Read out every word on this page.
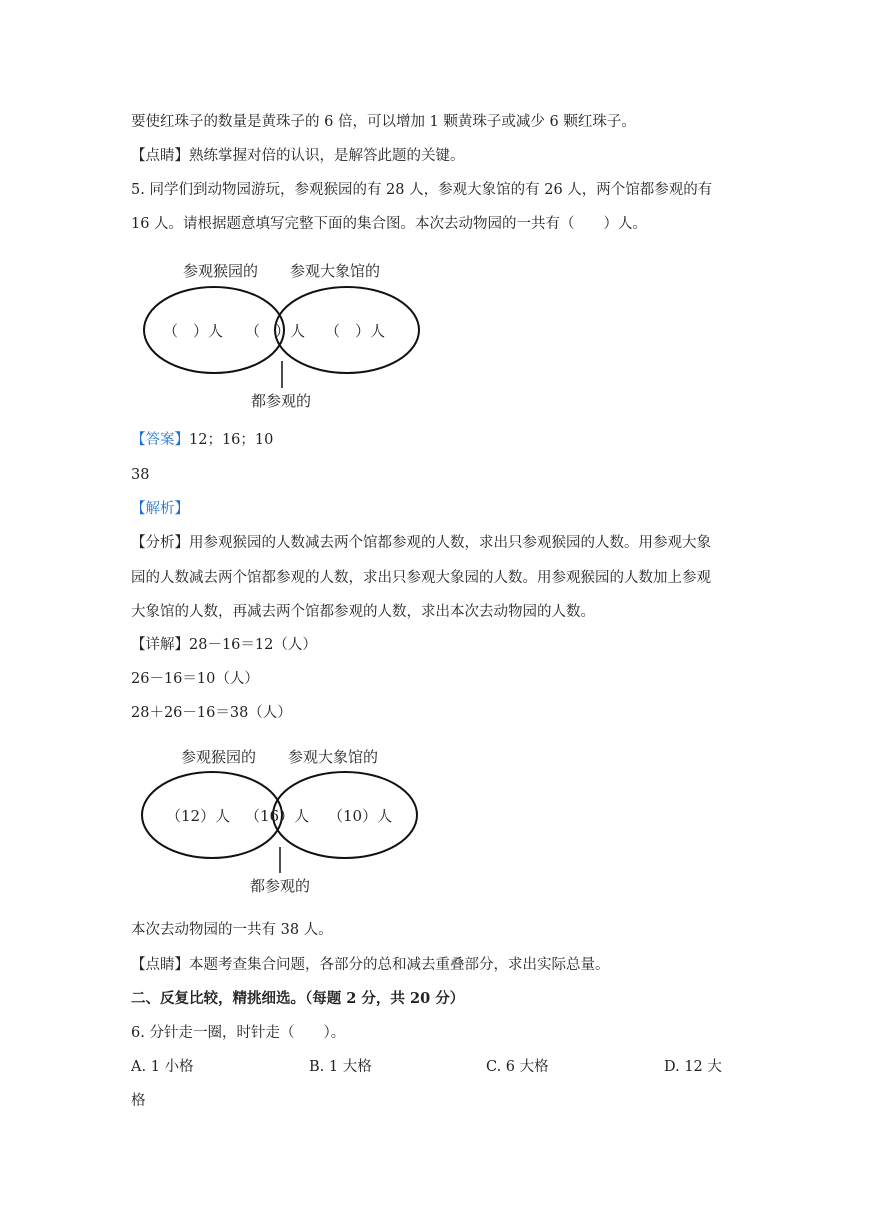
要使红珠子的数量是黄珠子的 6 倍，可以增加 1 颗黄珠子或减少 6 颗红珠子。
【点睛】熟练掌握对倍的认识，是解答此题的关键。
5. 同学们到动物园游玩，参观猴园的有 28 人，参观大象馆的有 26 人，两个馆都参观的有
16 人。请根据题意填写完整下面的集合图。本次去动物园的一共有（　　）人。
参观猴园的 参观大象馆的
（　）人 （　）人 （　）人
都参观的
【答案】12；16；10
38
【解析】
【分析】用参观猴园的人数减去两个馆都参观的人数，求出只参观猴园的人数。用参观大象
园的人数减去两个馆都参观的人数，求出只参观大象园的人数。用参观猴园的人数加上参观
大象馆的人数，再减去两个馆都参观的人数，求出本次去动物园的人数。
【详解】28－16＝12（人）
26－16＝10（人）
28＋26－16＝38（人）
参观猴园的 参观大象馆的
（12）人 （16）人 （10）人
都参观的
本次去动物园的一共有 38 人。
【点睛】本题考查集合问题，各部分的总和减去重叠部分，求出实际总量。
二、反复比较，精挑细选。（每题 2 分，共 20 分）
6. 分针走一圈，时针走（　　）。
A. 1 小格	B. 1 大格	C. 6 大格	D. 12 大
格
